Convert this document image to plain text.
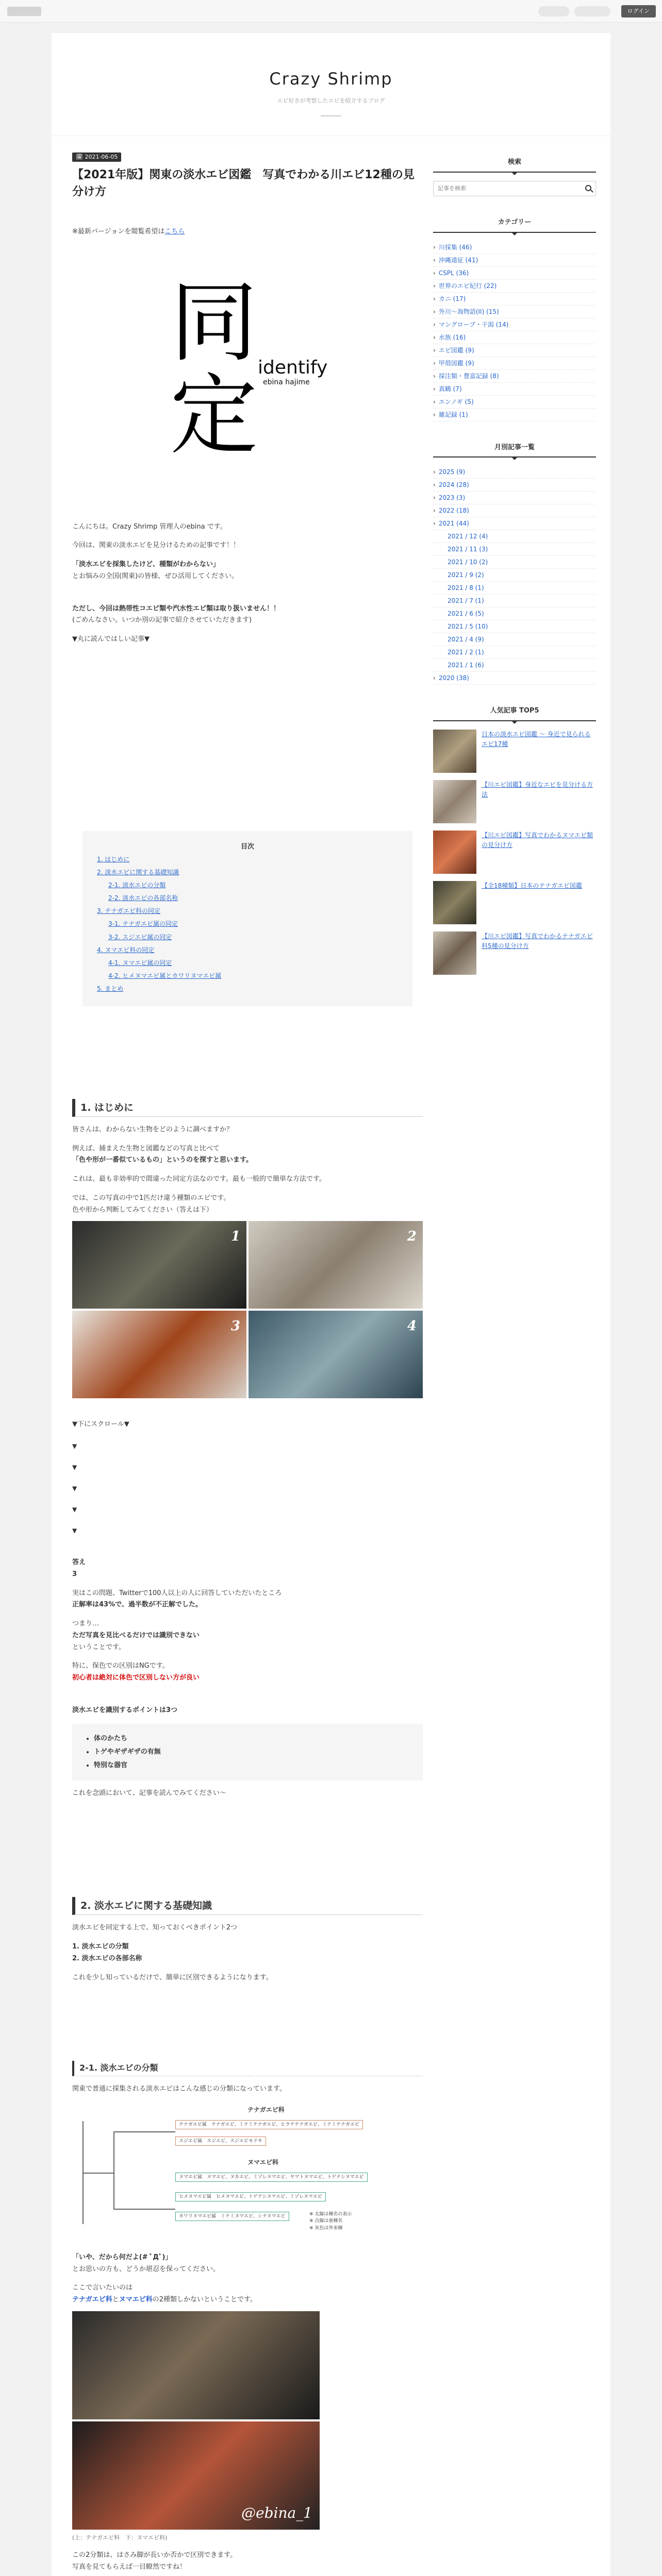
ログイン
Crazy Shrimp
エビ好きが考察したエビを紹介するブログ
🗓 2021-06-05
【2021年版】関東の淡水エビ図鑑　写真でわかる川エビ12種の見分け方
※最新バージョンを閲覧希望はこちら
同
定 identify
ebina hajime
こんにちは。Crazy Shrimp 管理人のebina です。
今回は、関東の淡水エビを見分けるための記事です！！
「淡水エビを採集したけど、種類がわからない」
とお悩みの全国(関東)の皆様、ぜひ活用してください。
ただし、今回は熱帯性コエビ類や汽水性エビ類は取り扱いません！！
(ごめんなさい。いつか別の記事で紹介させていただきます)
▼丸に読んではしい記事▼
目次
1. はじめに
2. 淡水エビに関する基礎知識
2-1. 淡水エビの分類
2-2. 淡水エビの各部名称
3. テナガエビ科の同定
3-1. テナガエビ属の同定
3-2. スジエビ属の同定
4. ヌマエビ科の同定
4-1. ヌマエビ属の同定
4-2. ヒメヌマエビ属とカワリヌマエビ属
5. まとめ
1. はじめに
皆さんは、わからない生物をどのように調べますか？
例えば、捕まえた生物と図鑑などの写真と比べて
「色や形が一番似ているもの」というのを探すと思います。
これは、最も非効率的で間違った同定方法なのです。最も一般的で簡単な方法です。
では、この写真の中で1匹だけ違う種類のエビです。
色や形から判断してみてください（答えは下）
1	2
3	4
▼下にスクロール▼
▼
▼
▼
▼
▼
答え
3
実はこの問題、Twitterで100人以上の人に回答していただいたところ
正解率は43%で、過半数が不正解でした。
つまり…
ただ写真を見比べるだけでは識別できない
ということです。
特に、保色での区別はNGです。
初心者は絶対に体色で区別しない方が良い
淡水エビを識別するポイントは3つ
• 体のかたち
• トゲやギザギザの有無
• 特別な器官
これを念頭において、記事を読んでみてください〜
2. 淡水エビに関する基礎知識
淡水エビを同定する上で、知っておくべきポイント2つ
1. 淡水エビの分類
2. 淡水エビの各部名称
これを少し知っているだけで、簡単に区別できるようになります。
2-1. 淡水エビの分類
関東で普通に採集される淡水エビはこんな感じの分類になっています。
テナガエビ科
ヌマエビ科
テナガエビ属　 テナガエビ、ミナミテナガエビ、ヒラテテナガエビ、ミナミテナガエビ
スジエビ属　 スジエビ、スジエビモドキ
ヌマエビ属　 ヌマエビ、ヌカエビ、ミゾレヌマエビ、ヤマトヌマエビ、トゲナシヌマエビ
ヒメヌマエビ属　 ヒメヌマエビ、トゲナシヌマエビ、ミゾレヌマエビ
カワリヌマエビ属　 ミナミヌマエビ、シナヌマエビ	※ 太線は種名の表示
※ 点線は亜種名
※ 灰色は外来種
「いや、だから何だよ(# ﾟДﾟ)」
とお思いの方も、どうか堪忍を保ってください。
ここで言いたいのは
テナガエビ科とヌマエビ科の2種類しかないということです。
@ebina_1
(上：テナガエビ科　下：ヌマエビ科)
この2分類は、はさみ脚が長いか否かで区別できます。
写真を見てもらえば一目瞭然ですね！
検索
記事を検索
カテゴリー
› 川採集 (46)
› 沖縄遠征 (41)
› CSPL (36)
› 世界のエビ紀行 (22)
› カニ (17)
› 外川〜海物語(II) (15)
› マングローブ・干潟 (14)
› 水族 (16)
› エビ図鑑 (9)
› 甲殻図鑑 (9)
› 採注類・豊富記録 (8)
› 真鶴 (7)
› エンノギ (5)
› 雑記録 (1)
月別記事一覧
› 2025 (9)
› 2024 (28)
› 2023 (3)
› 2022 (18)
› 2021 (44)
2021 / 12 (4)
2021 / 11 (3)
2021 / 10 (2)
2021 / 9 (2)
2021 / 8 (1)
2021 / 7 (1)
2021 / 6 (5)
2021 / 5 (10)
2021 / 4 (9)
2021 / 2 (1)
2021 / 1 (6)
› 2020 (38)
人気記事 TOP5
日本の淡水エビ図鑑 〜 身近で見られるエビ17種
【川エビ図鑑】身近なエビを見分ける方法
【川エビ図鑑】写真でわかるヌマエビ類の見分け方
【全18種類】日本のテナガエビ図鑑
【川エビ図鑑】写真でわかるテナガエビ科5種の見分け方
